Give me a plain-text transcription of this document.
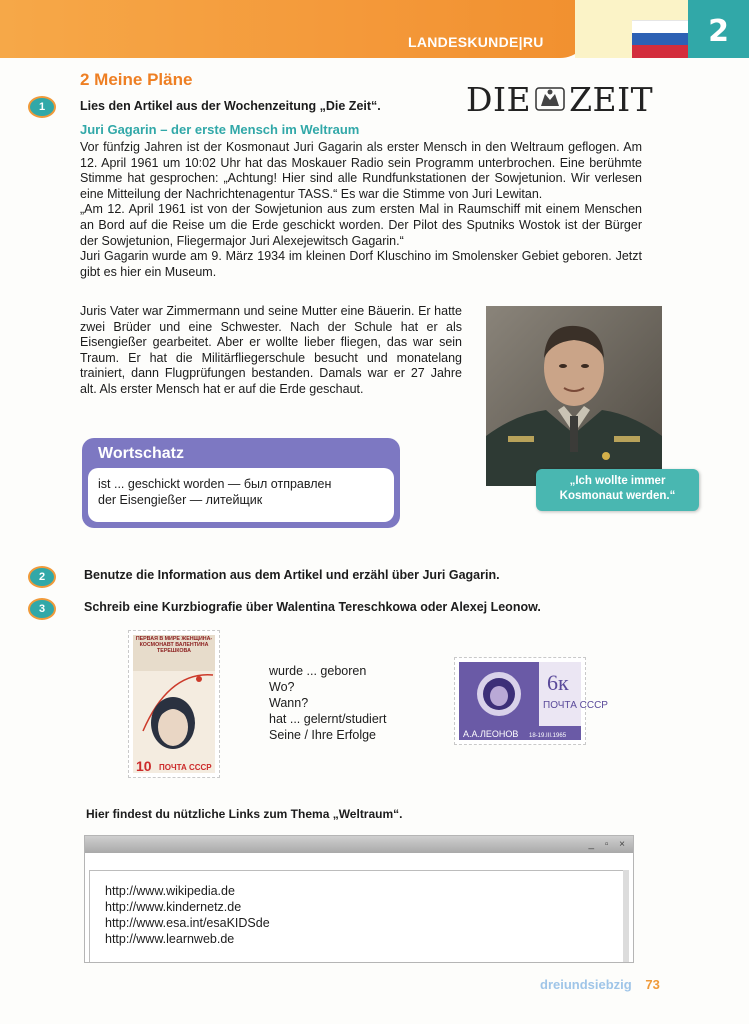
LANDESKUNDE|RU	2
2 Meine Pläne
1	Lies den Artikel aus der Wochenzeitung „Die Zeit“.	DIE ZEIT
Juri Gagarin – der erste Mensch im Weltraum

Vor fünfzig Jahren ist der Kosmonaut Juri Gagarin als erster Mensch in den Weltraum geflogen. Am 12. April 1961 um 10:02 Uhr hat das Moskauer Radio sein Programm unterbrochen. Eine berühmte Stimme hat gesprochen: „Achtung! Hier sind alle Rundfunkstationen der Sowjetunion. Wir verlesen eine Mitteilung der Nachrichtenagentur TASS.“ Es war die Stimme von Juri Lewitan.

„Am 12. April 1961 ist von der Sowjetunion aus zum ersten Mal in Raumschiff mit einem Menschen an Bord auf die Reise um die Erde geschickt worden. Der Pilot des Sputniks Wostok ist der Bürger der Sowjetunion, Fliegermajor Juri Alexejewitsch Gagarin.“

Juri Gagarin wurde am 9. März 1934 im kleinen Dorf Kluschino im Smolensker Gebiet geboren. Jetzt gibt es hier ein Museum.

Juris Vater war Zimmermann und seine Mutter eine Bäuerin. Er hatte zwei Brüder und eine Schwester. Nach der Schule hat er als Eisengießer gearbeitet. Aber er wollte lieber fliegen, das war sein Traum. Er hat die Militärfliegerschule besucht und monatelang trainiert, dann Flugprüfungen bestanden. Damals war er 27 Jahre alt. Als erster Mensch hat er auf die Erde geschaut.

„Ich wollte immer
Kosmonaut werden.“
Wortschatz
ist ... geschickt worden — был отправлен
der Eisengießer — литейщик
2	Benutze die Information aus dem Artikel und erzähl über Juri Gagarin.
3	Schreib eine Kurzbiografie über Walentina Tereschkowa oder Alexej Leonow.
ПЕРВАЯ В МИРЕ ЖЕНЩИНА-КОСМОНАВТ ВАЛЕНТИНА ТЕРЕШКОВА
10 ПОЧТА СССР
wurde ... geboren
Wo?
Wann?
hat ... gelernt/studiert
Seine / Ihre Erfolge
6к
ПОЧТА СССР
А.А.ЛЕОНОВ 18-19.III.1965
Hier findest du nützliche Links zum Thema „Weltraum“.
_ ▫ ×
http://www.wikipedia.de
http://www.kindernetz.de
http://www.esa.int/esaKIDSde
http://www.learnweb.de
dreiundsiebzig 73
